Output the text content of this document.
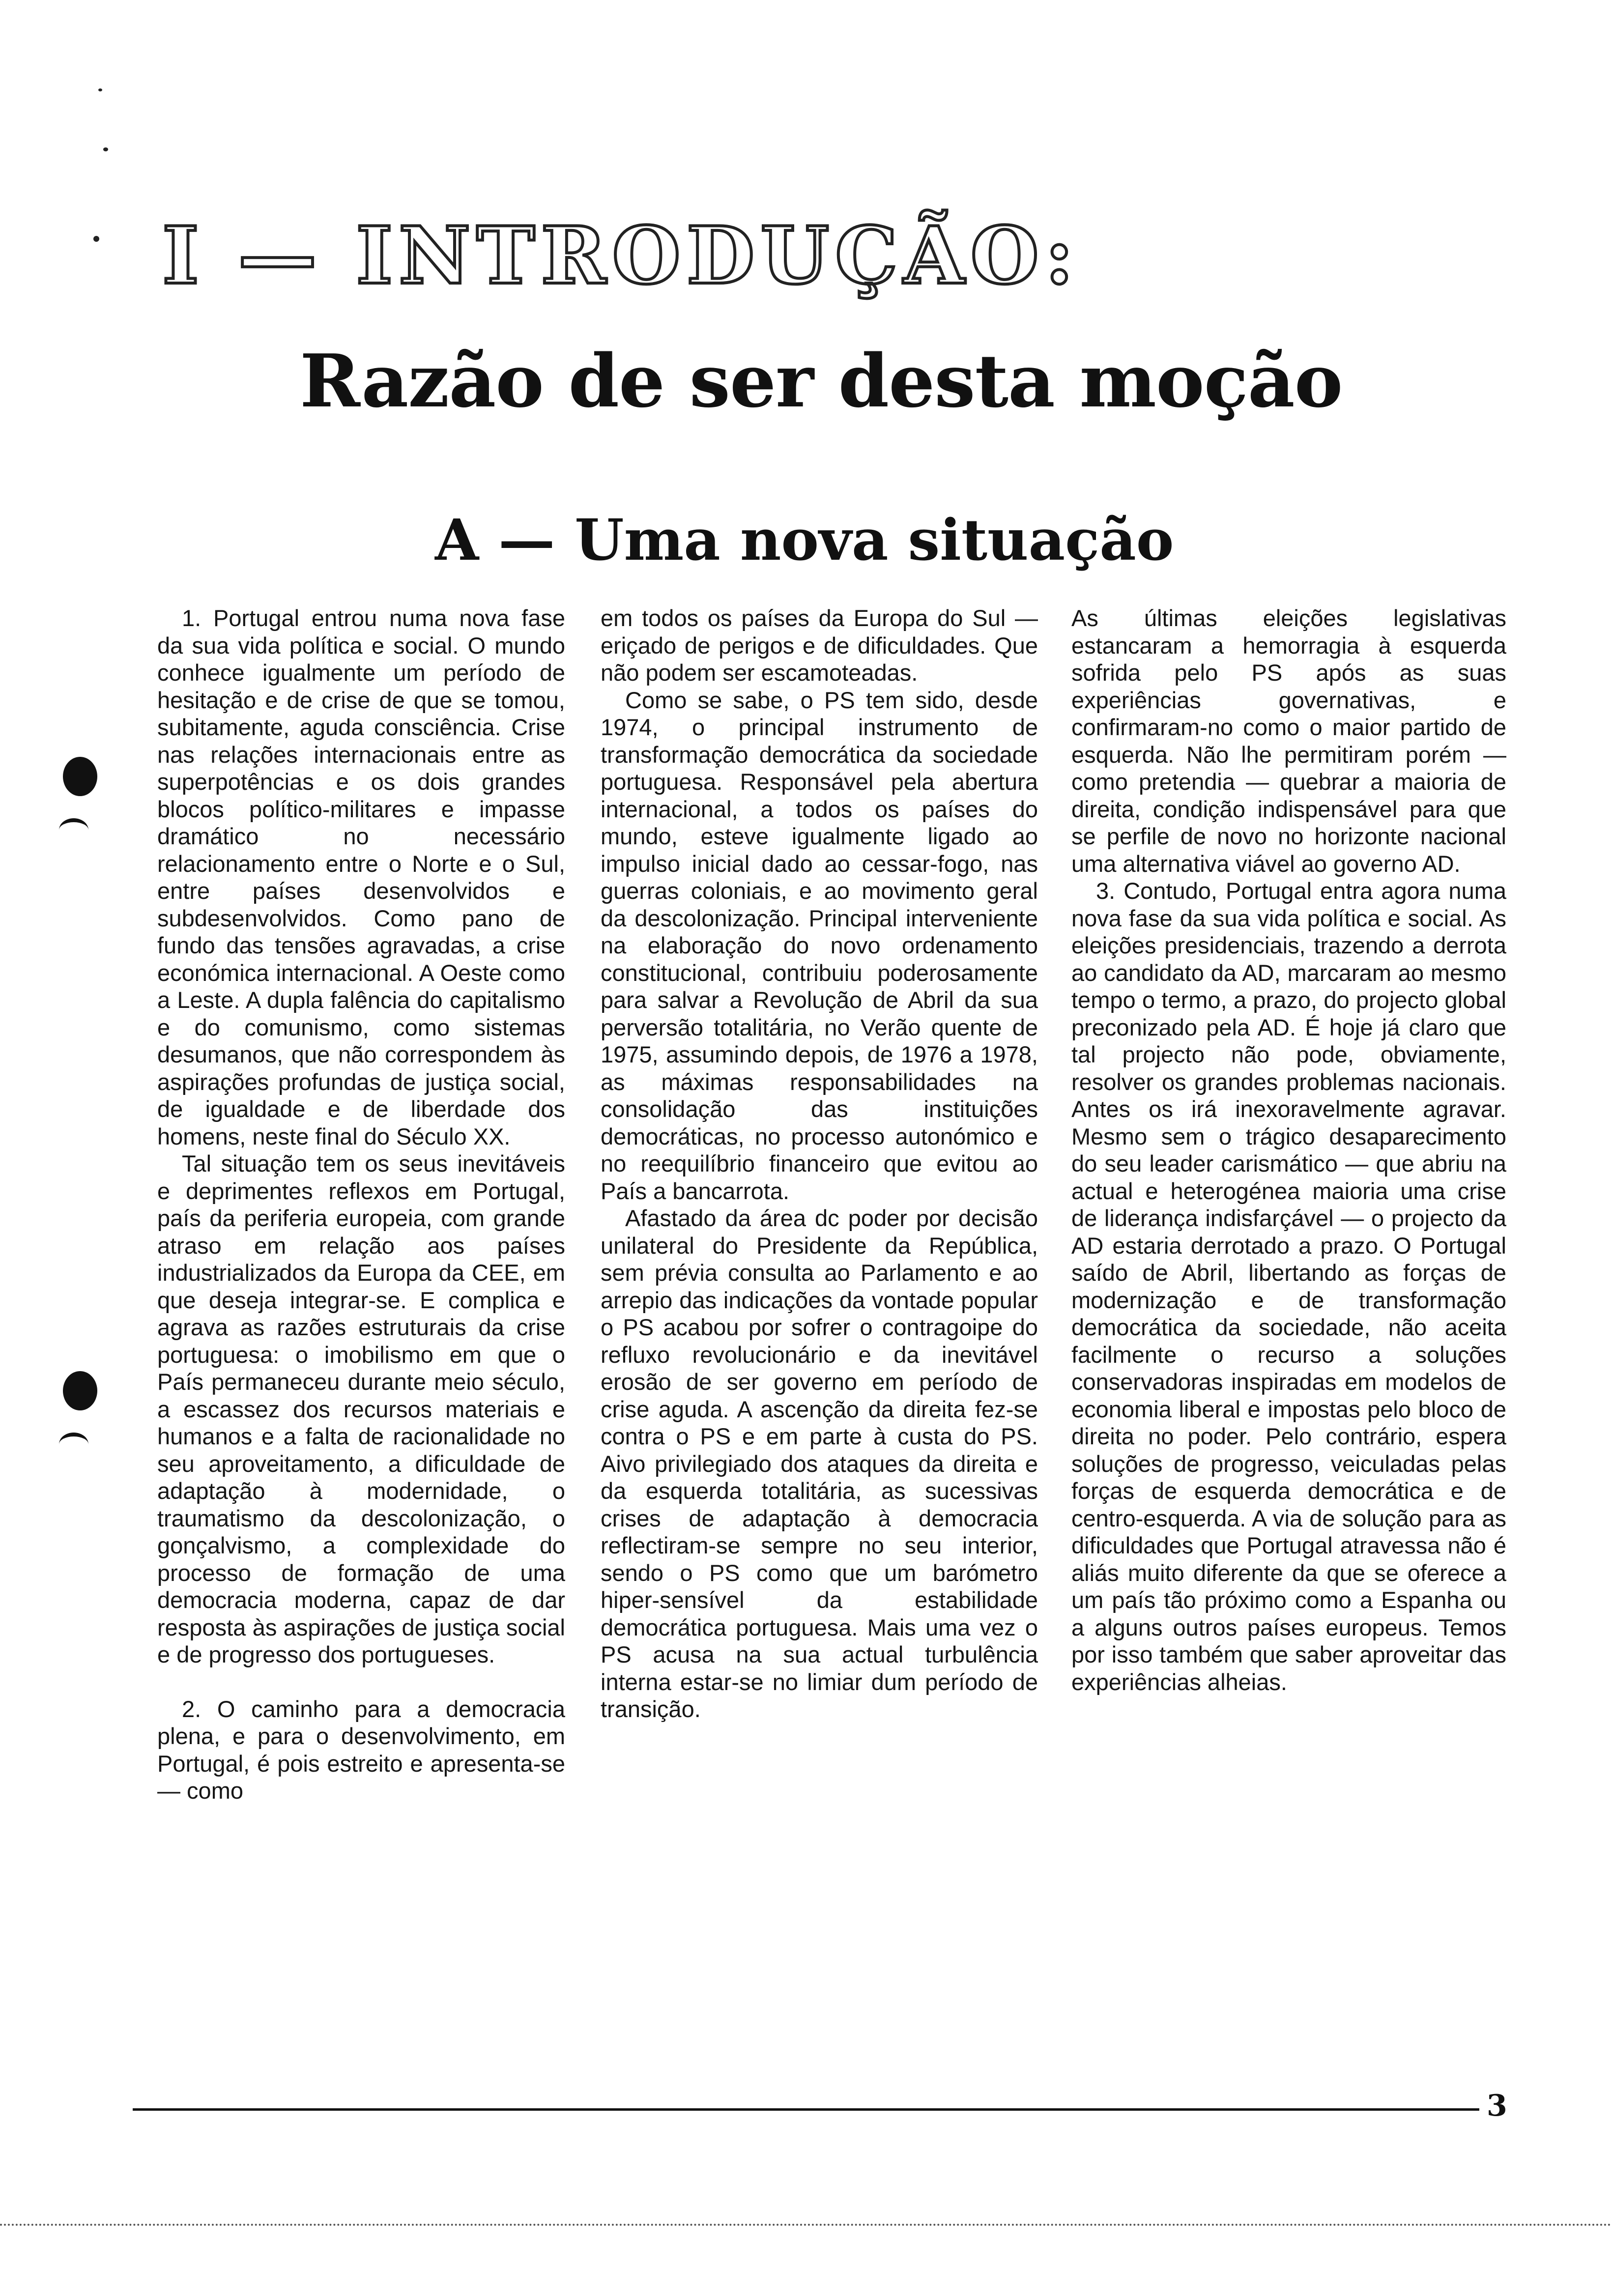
I — INTRODUÇÃO:
Razão de ser desta moção
A — Uma nova situação

1. Portugal entrou numa nova fase da sua vida política e social. O mundo conhece igualmente um período de hesitação e de crise de que se tomou, subitamente, aguda consciência. Crise nas relações internacionais entre as superpotências e os dois grandes blocos político-militares e impasse dramático no necessário relacionamento entre o Norte e o Sul, entre países desenvolvidos e subdesenvolvidos. Como pano de fundo das tensões agravadas, a crise económica internacional. A Oeste como a Leste. A dupla falência do capitalismo e do comunismo, como sistemas desumanos, que não correspondem às aspirações profundas de justiça social, de igualdade e de liberdade dos homens, neste final do Século XX.

Tal situação tem os seus inevitáveis e deprimentes reflexos em Portugal, país da periferia europeia, com grande atraso em relação aos países industrializados da Europa da CEE, em que deseja integrar-se. E complica e agrava as razões estruturais da crise portuguesa: o imobilismo em que o País permaneceu durante meio século, a escassez dos recursos materiais e humanos e a falta de racionalidade no seu aproveitamento, a dificuldade de adaptação à modernidade, o traumatismo da descolonização, o gonçalvismo, a complexidade do processo de formação de uma democracia moderna, capaz de dar resposta às aspirações de justiça social e de progresso dos portugueses.

2. O caminho para a democracia plena, e para o desenvolvimento, em Portugal, é pois estreito e apresenta-se — como

em todos os países da Europa do Sul — eriçado de perigos e de dificuldades. Que não podem ser escamoteadas.

Como se sabe, o PS tem sido, desde 1974, o principal instrumento de transformação democrática da sociedade portuguesa. Responsável pela abertura internacional, a todos os países do mundo, esteve igualmente ligado ao impulso inicial dado ao cessar-fogo, nas guerras coloniais, e ao movimento geral da descolonização. Principal interveniente na elaboração do novo ordenamento constitucional, contribuiu poderosamente para salvar a Revolução de Abril da sua perversão totalitária, no Verão quente de 1975, assumindo depois, de 1976 a 1978, as máximas responsabilidades na consolidação das instituições democráticas, no processo autonómico e no reequilíbrio financeiro que evitou ao País a bancarrota.

Afastado da área dc poder por decisão unilateral do Presidente da República, sem prévia consulta ao Parlamento e ao arrepio das indicações da vontade popular o PS acabou por sofrer o contragoipe do refluxo revolucionário e da inevitável erosão de ser governo em período de crise aguda. A ascenção da direita fez-se contra o PS e em parte à custa do PS. Aivo privilegiado dos ataques da direita e da esquerda totalitária, as sucessivas crises de adaptação à democracia reflectiram-se sempre no seu interior, sendo o PS como que um barómetro hiper-sensível da estabilidade democrática portuguesa. Mais uma vez o PS acusa na sua actual turbulência interna estar-se no limiar dum período de transição.

As últimas eleições legislativas estancaram a hemorragia à esquerda sofrida pelo PS após as suas experiências governativas, e confirmaram-no como o maior partido de esquerda. Não lhe permitiram porém — como pretendia — quebrar a maioria de direita, condição indispensável para que se perfile de novo no horizonte nacional uma alternativa viável ao governo AD.

3. Contudo, Portugal entra agora numa nova fase da sua vida política e social. As eleições presidenciais, trazendo a derrota ao candidato da AD, marcaram ao mesmo tempo o termo, a prazo, do projecto global preconizado pela AD. É hoje já claro que tal projecto não pode, obviamente, resolver os grandes problemas nacionais. Antes os irá inexoravelmente agravar. Mesmo sem o trágico desaparecimento do seu leader carismático — que abriu na actual e heterogénea maioria uma crise de liderança indisfarçável — o projecto da AD estaria derrotado a prazo. O Portugal saído de Abril, libertando as forças de modernização e de transformação democrática da sociedade, não aceita facilmente o recurso a soluções conservadoras inspiradas em modelos de economia liberal e impostas pelo bloco de direita no poder. Pelo contrário, espera soluções de progresso, veiculadas pelas forças de esquerda democrática e de centro-esquerda. A via de solução para as dificuldades que Portugal atravessa não é aliás muito diferente da que se oferece a um país tão próximo como a Espanha ou a alguns outros países europeus. Temos por isso também que saber aproveitar das experiências alheias.

3
